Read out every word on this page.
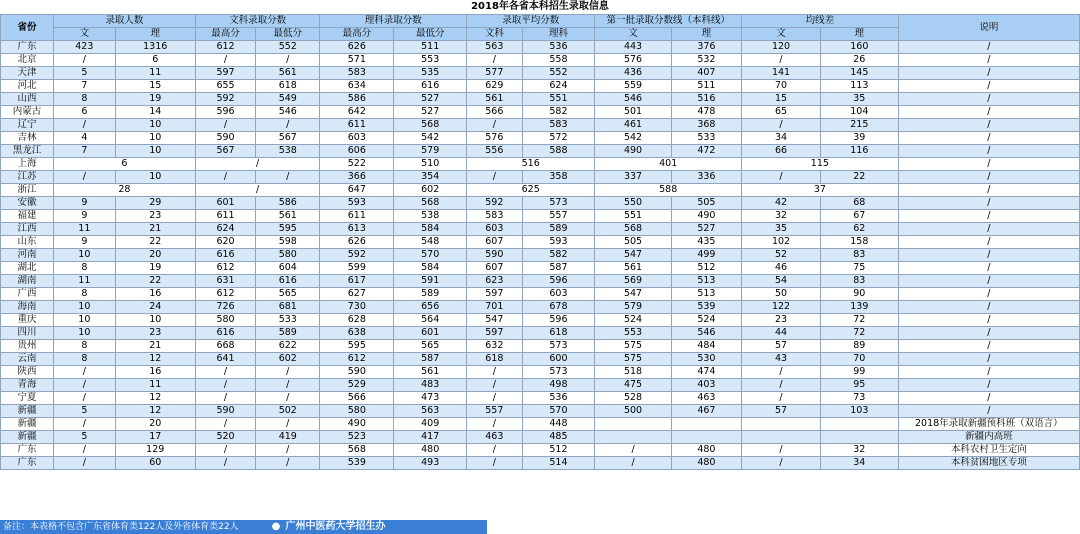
2018年各省本科招生录取信息
省份	录取人数		文科录取分数		理科录取分数		录取平均分数		第一批录取分数线（本科线）		均线差		说明
	文	理	最高分	最低分	最高分	最低分	文科	理科	文	理	文	理	
广东	423	1316	612	552	626	511	563	536	443	376	120	160	/
北京	/	6	/	/	571	553	/	558	576	532	/	26	/
天津	5	11	597	561	583	535	577	552	436	407	141	145	/
河北	7	15	655	618	634	616	629	624	559	511	70	113	/
山西	8	19	592	549	586	527	561	551	546	516	15	35	/
内蒙古	6	14	596	546	642	527	566	582	501	478	65	104	/
辽宁	/	10	/	/	611	568	/	583	461	368	/	215	/
吉林	4	10	590	567	603	542	576	572	542	533	34	39	/
黑龙江	7	10	567	538	606	579	556	588	490	472	66	116	/
上海	6		/		522	510	516		401		115		/
江苏	/	10	/	/	366	354	/	358	337	336	/	22	/
浙江	28		/		647	602	625		588		37		/
安徽	9	29	601	586	593	568	592	573	550	505	42	68	/
福建	9	23	611	561	611	538	583	557	551	490	32	67	/
江西	11	21	624	595	613	584	603	589	568	527	35	62	/
山东	9	22	620	598	626	548	607	593	505	435	102	158	/
河南	10	20	616	580	592	570	590	582	547	499	52	83	/
湖北	8	19	612	604	599	584	607	587	561	512	46	75	/
湖南	11	22	631	616	617	591	623	596	569	513	54	83	/
广西	8	16	612	565	627	589	597	603	547	513	50	90	/
海南	10	24	726	681	730	656	701	678	579	539	122	139	/
重庆	10	10	580	533	628	564	547	596	524	524	23	72	/
四川	10	23	616	589	638	601	597	618	553	546	44	72	/
贵州	8	21	668	622	595	565	632	573	575	484	57	89	/
云南	8	12	641	602	612	587	618	600	575	530	43	70	/
陕西	/	16	/	/	590	561	/	573	518	474	/	99	/
青海	/	11	/	/	529	483	/	498	475	403	/	95	/
宁夏	/	12	/	/	566	473	/	536	528	463	/	73	/
新疆	5	12	590	502	580	563	557	570	500	467	57	103	/
新疆	/	20	/	/	490	409	/	448					2018年录取新疆预科班（双语言）
新疆	5	17	520	419	523	417	463	485					新疆内高班
广东	/	129	/	/	568	480	/	512	/	480	/	32	本科农村卫生定向
广东	/	60	/	/	539	493	/	514	/	480	/	34	本科贫困地区专项
备注：本表格不包含广东省体育类122人及外省体育类22人	● 广州中医药大学招生办
